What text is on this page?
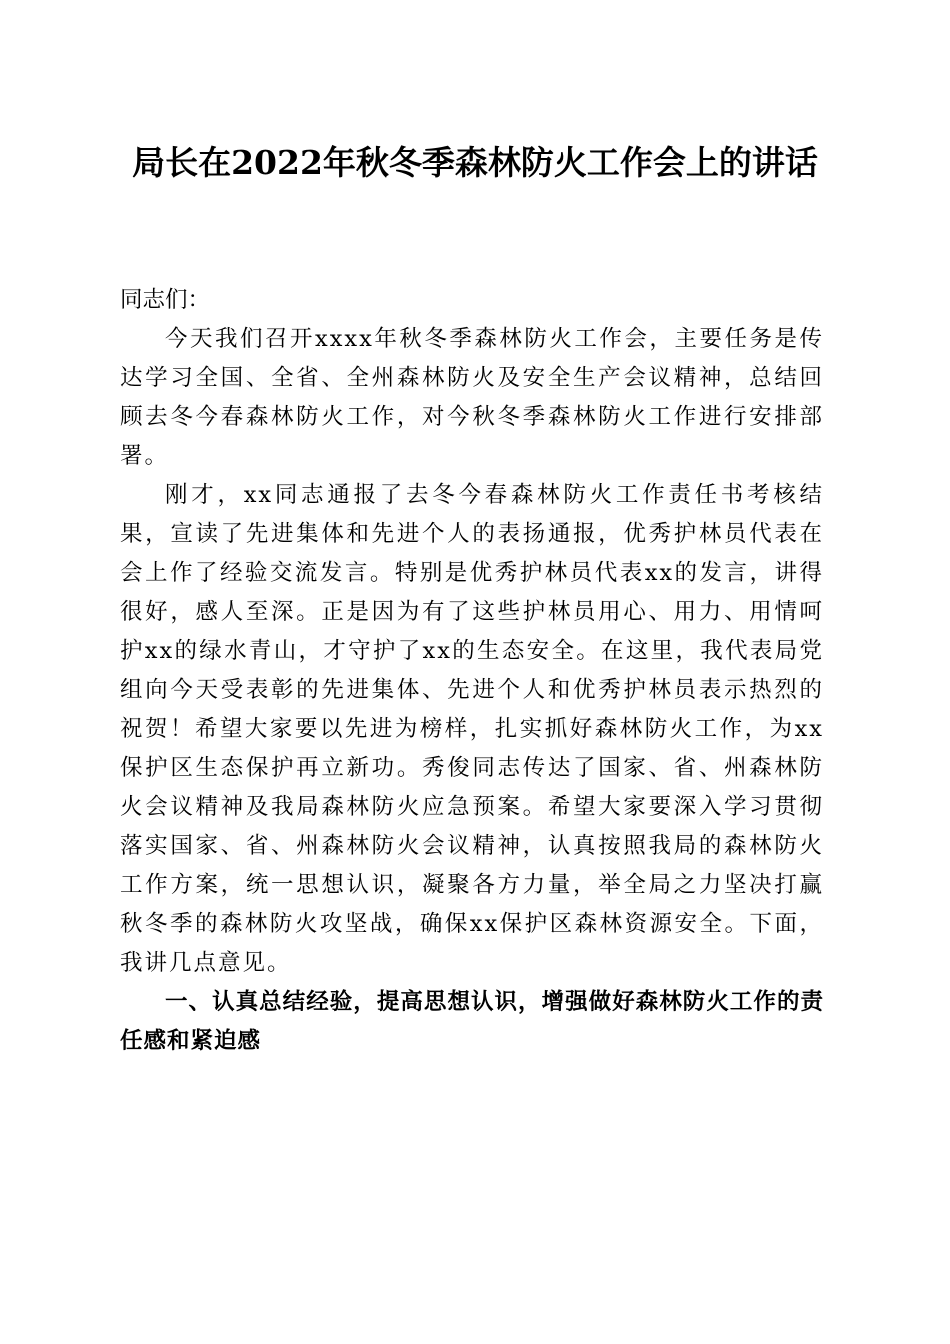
局长在2022年秋冬季森林防火工作会上的讲话

同志们：

今天我们召开xxxx年秋冬季森林防火工作会，主要任务是传达学习全国、全省、全州森林防火及安全生产会议精神，总结回顾去冬今春森林防火工作，对今秋冬季森林防火工作进行安排部署。

刚才，xx同志通报了去冬今春森林防火工作责任书考核结果，宣读了先进集体和先进个人的表扬通报，优秀护林员代表在会上作了经验交流发言。特别是优秀护林员代表xx的发言，讲得很好，感人至深。正是因为有了这些护林员用心、用力、用情呵护xx的绿水青山，才守护了xx的生态安全。在这里，我代表局党组向今天受表彰的先进集体、先进个人和优秀护林员表示热烈的祝贺！希望大家要以先进为榜样，扎实抓好森林防火工作，为xx保护区生态保护再立新功。秀俊同志传达了国家、省、州森林防火会议精神及我局森林防火应急预案。希望大家要深入学习贯彻落实国家、省、州森林防火会议精神，认真按照我局的森林防火工作方案，统一思想认识，凝聚各方力量，举全局之力坚决打赢秋冬季的森林防火攻坚战，确保xx保护区森林资源安全。下面，我讲几点意见。

一、认真总结经验，提高思想认识，增强做好森林防火工作的责任感和紧迫感
